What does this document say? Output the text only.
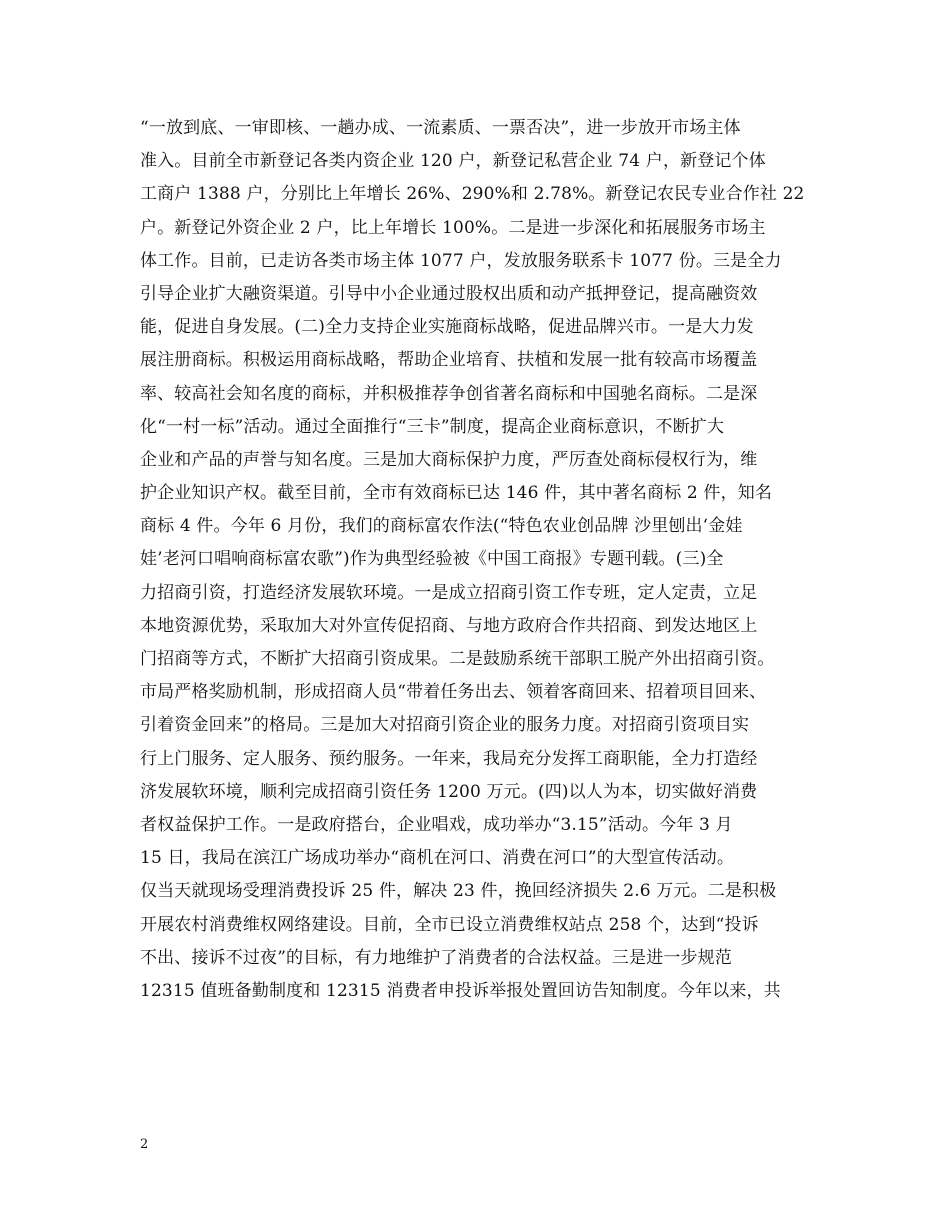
“一放到底、一审即核、一趟办成、一流素质、一票否决”，进一步放开市场主体
准入。目前全市新登记各类内资企业 120 户，新登记私营企业 74 户，新登记个体
工商户 1388 户，分别比上年增长 26%、290%和 2.78%。新登记农民专业合作社 22
户。新登记外资企业 2 户，比上年增长 100%。二是进一步深化和拓展服务市场主
体工作。目前，已走访各类市场主体 1077 户，发放服务联系卡 1077 份。三是全力
引导企业扩大融资渠道。引导中小企业通过股权出质和动产抵押登记，提高融资效
能，促进自身发展。(二)全力支持企业实施商标战略，促进品牌兴市。一是大力发
展注册商标。积极运用商标战略，帮助企业培育、扶植和发展一批有较高市场覆盖
率、较高社会知名度的商标，并积极推荐争创省著名商标和中国驰名商标。二是深
化“一村一标”活动。通过全面推行“三卡”制度，提高企业商标意识，不断扩大
企业和产品的声誉与知名度。三是加大商标保护力度，严厉查处商标侵权行为，维
护企业知识产权。截至目前，全市有效商标已达 146 件，其中著名商标 2 件，知名
商标 4 件。今年 6 月份，我们的商标富农作法(“特色农业创品牌 沙里刨出‘金娃
娃’老河口唱响商标富农歌”)作为典型经验被《中国工商报》专题刊载。(三)全
力招商引资，打造经济发展软环境。一是成立招商引资工作专班，定人定责，立足
本地资源优势，采取加大对外宣传促招商、与地方政府合作共招商、到发达地区上
门招商等方式，不断扩大招商引资成果。二是鼓励系统干部职工脱产外出招商引资。
市局严格奖励机制，形成招商人员“带着任务出去、领着客商回来、招着项目回来、
引着资金回来”的格局。三是加大对招商引资企业的服务力度。对招商引资项目实
行上门服务、定人服务、预约服务。一年来，我局充分发挥工商职能，全力打造经
济发展软环境，顺利完成招商引资任务 1200 万元。(四)以人为本，切实做好消费
者权益保护工作。一是政府搭台，企业唱戏，成功举办“3.15”活动。今年 3 月
15 日，我局在滨江广场成功举办“商机在河口、消费在河口”的大型宣传活动。
仅当天就现场受理消费投诉 25 件，解决 23 件，挽回经济损失 2.6 万元。二是积极
开展农村消费维权网络建设。目前，全市已设立消费维权站点 258 个，达到“投诉
不出、接诉不过夜”的目标，有力地维护了消费者的合法权益。三是进一步规范
12315 值班备勤制度和 12315 消费者申投诉举报处置回访告知制度。今年以来，共
2
